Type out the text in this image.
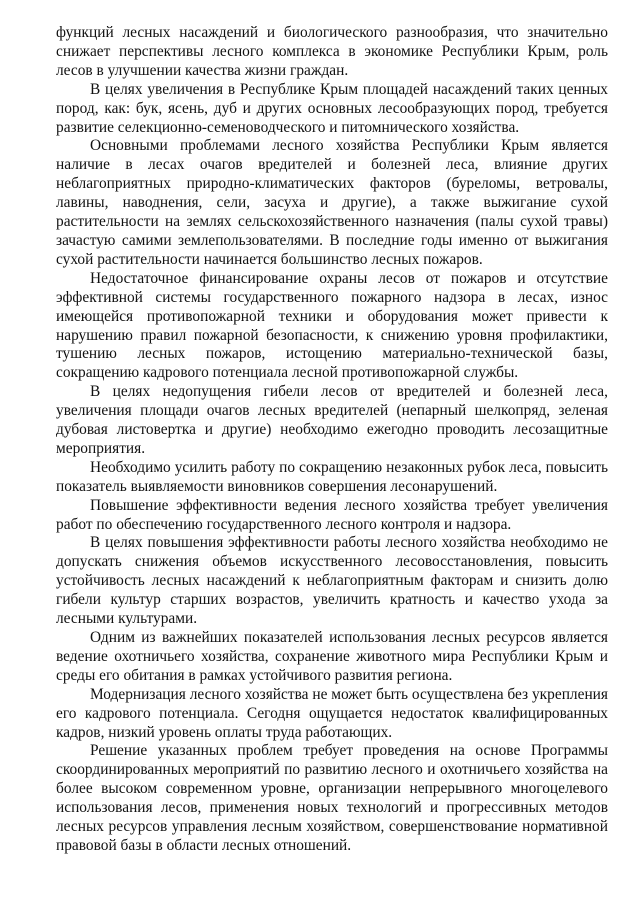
функций лесных насаждений и биологического разнообразия, что значительно снижает перспективы лесного комплекса в экономике Республики Крым, роль лесов в улучшении качества жизни граждан.

В целях увеличения в Республике Крым площадей насаждений таких ценных пород, как: бук, ясень, дуб и других основных лесообразующих пород, требуется развитие селекционно-семеноводческого и питомнического хозяйства.

Основными проблемами лесного хозяйства Республики Крым является наличие в лесах очагов вредителей и болезней леса, влияние других неблагоприятных природно-климатических факторов (буреломы, ветровалы, лавины, наводнения, сели, засуха и другие), а также выжигание сухой растительности на землях сельскохозяйственного назначения (палы сухой травы) зачастую самими землепользователями. В последние годы именно от выжигания сухой растительности начинается большинство лесных пожаров.

Недостаточное финансирование охраны лесов от пожаров и отсутствие эффективной системы государственного пожарного надзора в лесах, износ имеющейся противопожарной техники и оборудования может привести к нарушению правил пожарной безопасности, к снижению уровня профилактики, тушению лесных пожаров, истощению материально-технической базы, сокращению кадрового потенциала лесной противопожарной службы.

В целях недопущения гибели лесов от вредителей и болезней леса, увеличения площади очагов лесных вредителей (непарный шелкопряд, зеленая дубовая листовертка и другие) необходимо ежегодно проводить лесозащитные мероприятия.

Необходимо усилить работу по сокращению незаконных рубок леса, повысить показатель выявляемости виновников совершения лесонарушений.

Повышение эффективности ведения лесного хозяйства требует увеличения работ по обеспечению государственного лесного контроля и надзора.

В целях повышения эффективности работы лесного хозяйства необходимо не допускать снижения объемов искусственного лесовосстановления, повысить устойчивость лесных насаждений к неблагоприятным факторам и снизить долю гибели культур старших возрастов, увеличить кратность и качество ухода за лесными культурами.

Одним из важнейших показателей использования лесных ресурсов является ведение охотничьего хозяйства, сохранение животного мира Республики Крым и среды его обитания в рамках устойчивого развития региона.

Модернизация лесного хозяйства не может быть осуществлена без укрепления его кадрового потенциала. Сегодня ощущается недостаток квалифицированных кадров, низкий уровень оплаты труда работающих.

Решение указанных проблем требует проведения на основе Программы скоординированных мероприятий по развитию лесного и охотничьего хозяйства на более высоком современном уровне, организации непрерывного многоцелевого использования лесов, применения новых технологий и прогрессивных методов лесных ресурсов управления лесным хозяйством, совершенствование нормативной правовой базы в области лесных отношений.
